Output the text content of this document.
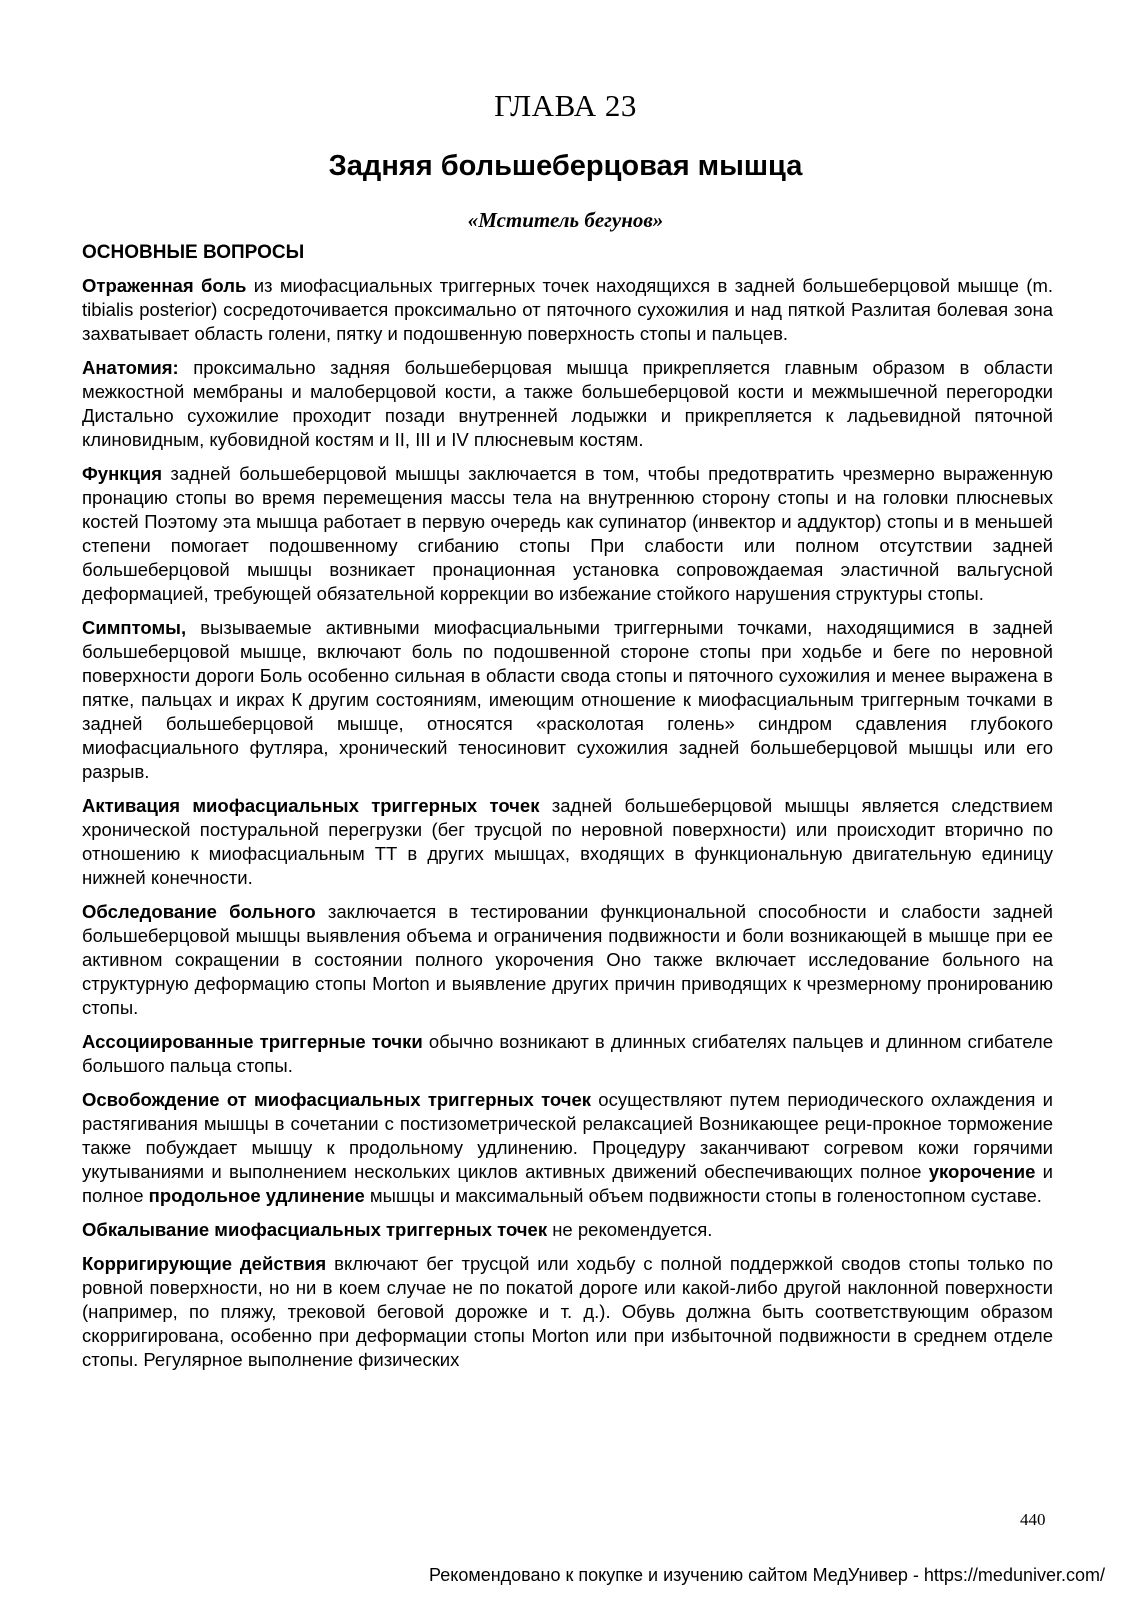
ГЛАВА 23
Задняя большеберцовая мышца
«Мститель бегунов»
ОСНОВНЫЕ ВОПРОСЫ

Отраженная боль из миофасциальных триггерных точек находящихся в задней большеберцовой мышце (m. tibialis posterior) сосредоточивается проксимально от пяточного сухожилия и над пяткой Разлитая болевая зона захватывает область голени, пятку и подошвенную поверхность стопы и пальцев.

Анатомия: проксимально задняя большеберцовая мышца прикрепляется главным образом в области межкостной мембраны и малоберцовой кости, а также большеберцовой кости и межмышечной перегородки Дистально сухожилие проходит позади внутренней лодыжки и прикрепляется к ладьевидной пяточной клиновидным, кубовидной костям и II, III и IV плюсневым костям.

Функция задней большеберцовой мышцы заключается в том, чтобы предотвратить чрезмерно выраженную пронацию стопы во время перемещения массы тела на внутреннюю сторону стопы и на головки плюсневых костей Поэтому эта мышца работает в первую очередь как супинатор (инвектор и аддуктор) стопы и в меньшей степени помогает подошвенному сгибанию стопы При слабости или полном отсутствии задней большеберцовой мышцы возникает пронационная установка сопровождаемая эластичной вальгусной деформацией, требующей обязательной коррекции во избежание стойкого нарушения структуры стопы.

Симптомы, вызываемые активными миофасциальными триггерными точками, находящимися в задней большеберцовой мышце, включают боль по подошвенной стороне стопы при ходьбе и беге по неровной поверхности дороги Боль особенно сильная в области свода стопы и пяточного сухожилия и менее выражена в пятке, пальцах и икрах К другим состояниям, имеющим отношение к миофасциальным триггерным точками в задней большеберцовой мышце, относятся «расколотая голень» синдром сдавления глубокого миофасциального футляра, хронический теносиновит сухожилия задней большеберцовой мышцы или его разрыв.

Активация миофасциальных триггерных точек задней большеберцовой мышцы является следствием хронической постуральной перегрузки (бег трусцой по неровной поверхности) или происходит вторично по отношению к миофасциальным ТТ в других мышцах, входящих в функциональную двигательную единицу нижней конечности.

Обследование больного заключается в тестировании функциональной способности и слабости задней большеберцовой мышцы выявления объема и ограничения подвижности и боли возникающей в мышце при ее активном сокращении в состоянии полного укорочения Оно также включает исследование больного на структурную деформацию стопы Morton и выявление других причин приводящих к чрезмерному пронированию стопы.

Ассоциированные триггерные точки обычно возникают в длинных сгибателях пальцев и длинном сгибателе большого пальца стопы.

Освобождение от миофасциальных триггерных точек осуществляют путем периодического охлаждения и растягивания мышцы в сочетании с постизометрической релаксацией Возникающее реци-прокное торможение также побуждает мышцу к продольному удлинению. Процедуру заканчивают согревом кожи горячими укутываниями и выполнением нескольких циклов активных движений обеспечивающих полное укорочение и полное продольное удлинение мышцы и максимальный объем подвижности стопы в голеностопном суставе.

Обкалывание миофасциальных триггерных точек не рекомендуется.

Корригирующие действия включают бег трусцой или ходьбу с полной поддержкой сводов стопы только по ровной поверхности, но ни в коем случае не по покатой дороге или какой-либо другой наклонной поверхности (например, по пляжу, трековой беговой дорожке и т. д.). Обувь должна быть соответствующим образом скорригирована, особенно при деформации стопы Morton или при избыточной подвижности в среднем отделе стопы. Регулярное выполнение физических

440
Рекомендовано к покупке и изучению сайтом МедУнивер - https://meduniver.com/
